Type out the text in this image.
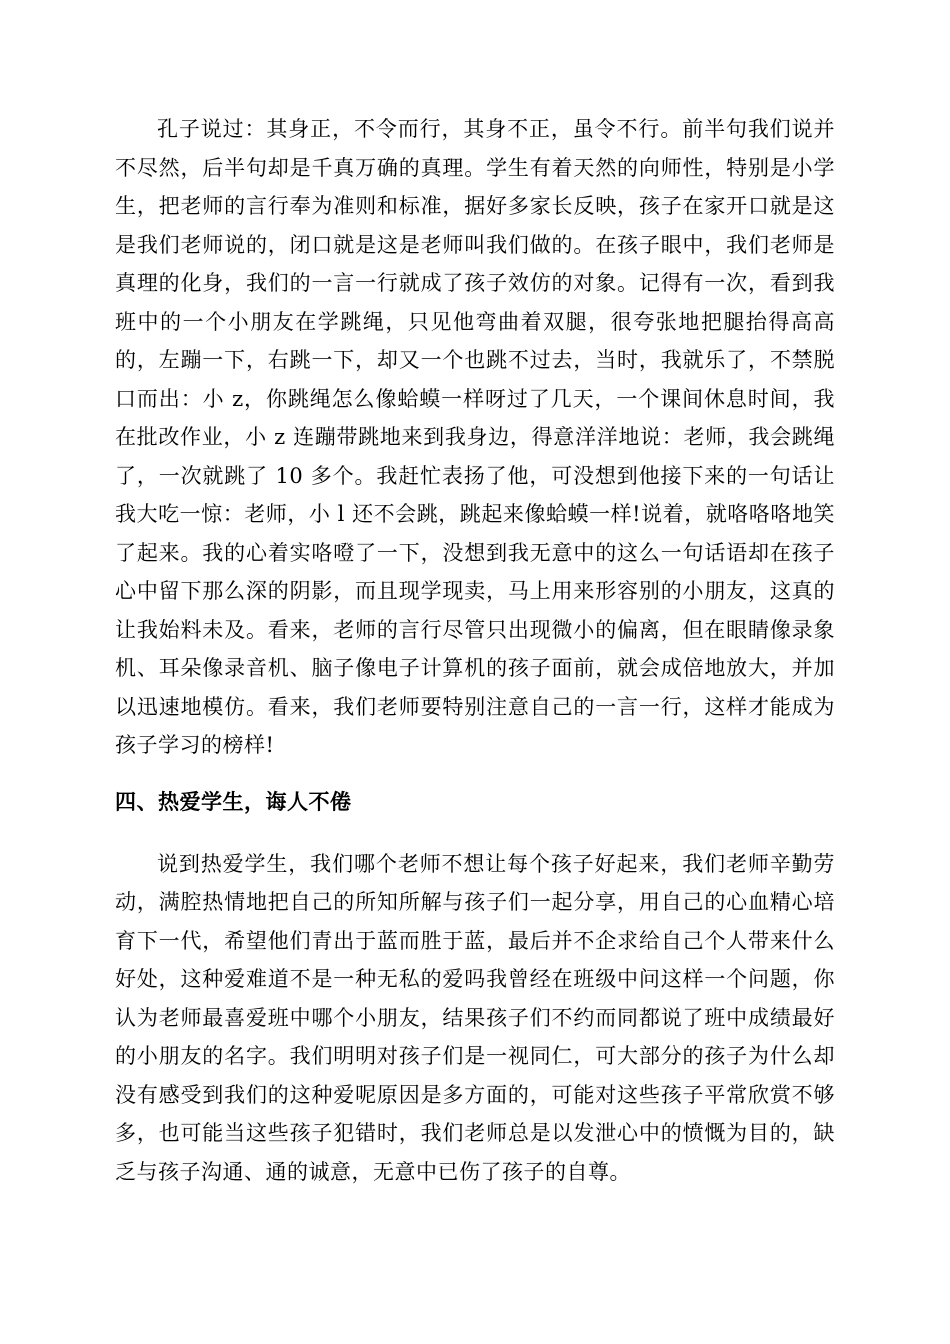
孔子说过：其身正，不令而行，其身不正，虽令不行。前半句我们说并不尽然，后半句却是千真万确的真理。学生有着天然的向师性，特别是小学生，把老师的言行奉为准则和标准，据好多家长反映，孩子在家开口就是这是我们老师说的，闭口就是这是老师叫我们做的。在孩子眼中，我们老师是真理的化身，我们的一言一行就成了孩子效仿的对象。记得有一次，看到我班中的一个小朋友在学跳绳，只见他弯曲着双腿，很夸张地把腿抬得高高的，左蹦一下，右跳一下，却又一个也跳不过去，当时，我就乐了，不禁脱口而出：小 z，你跳绳怎么像蛤蟆一样呀过了几天，一个课间休息时间，我在批改作业，小 z 连蹦带跳地来到我身边，得意洋洋地说：老师，我会跳绳了，一次就跳了 10 多个。我赶忙表扬了他，可没想到他接下来的一句话让我大吃一惊：老师，小 l 还不会跳，跳起来像蛤蟆一样!说着，就咯咯咯地笑了起来。我的心着实咯噔了一下，没想到我无意中的这么一句话语却在孩子心中留下那么深的阴影，而且现学现卖，马上用来形容别的小朋友，这真的让我始料未及。看来，老师的言行尽管只出现微小的偏离，但在眼睛像录象机、耳朵像录音机、脑子像电子计算机的孩子面前，就会成倍地放大，并加以迅速地模仿。看来，我们老师要特别注意自己的一言一行，这样才能成为孩子学习的榜样!

四、热爱学生，诲人不倦

说到热爱学生，我们哪个老师不想让每个孩子好起来，我们老师辛勤劳动，满腔热情地把自己的所知所解与孩子们一起分享，用自己的心血精心培育下一代，希望他们青出于蓝而胜于蓝，最后并不企求给自己个人带来什么好处，这种爱难道不是一种无私的爱吗我曾经在班级中问这样一个问题，你认为老师最喜爱班中哪个小朋友，结果孩子们不约而同都说了班中成绩最好的小朋友的名字。我们明明对孩子们是一视同仁，可大部分的孩子为什么却没有感受到我们的这种爱呢原因是多方面的，可能对这些孩子平常欣赏不够多，也可能当这些孩子犯错时，我们老师总是以发泄心中的愤慨为目的，缺乏与孩子沟通、通的诚意，无意中已伤了孩子的自尊。
